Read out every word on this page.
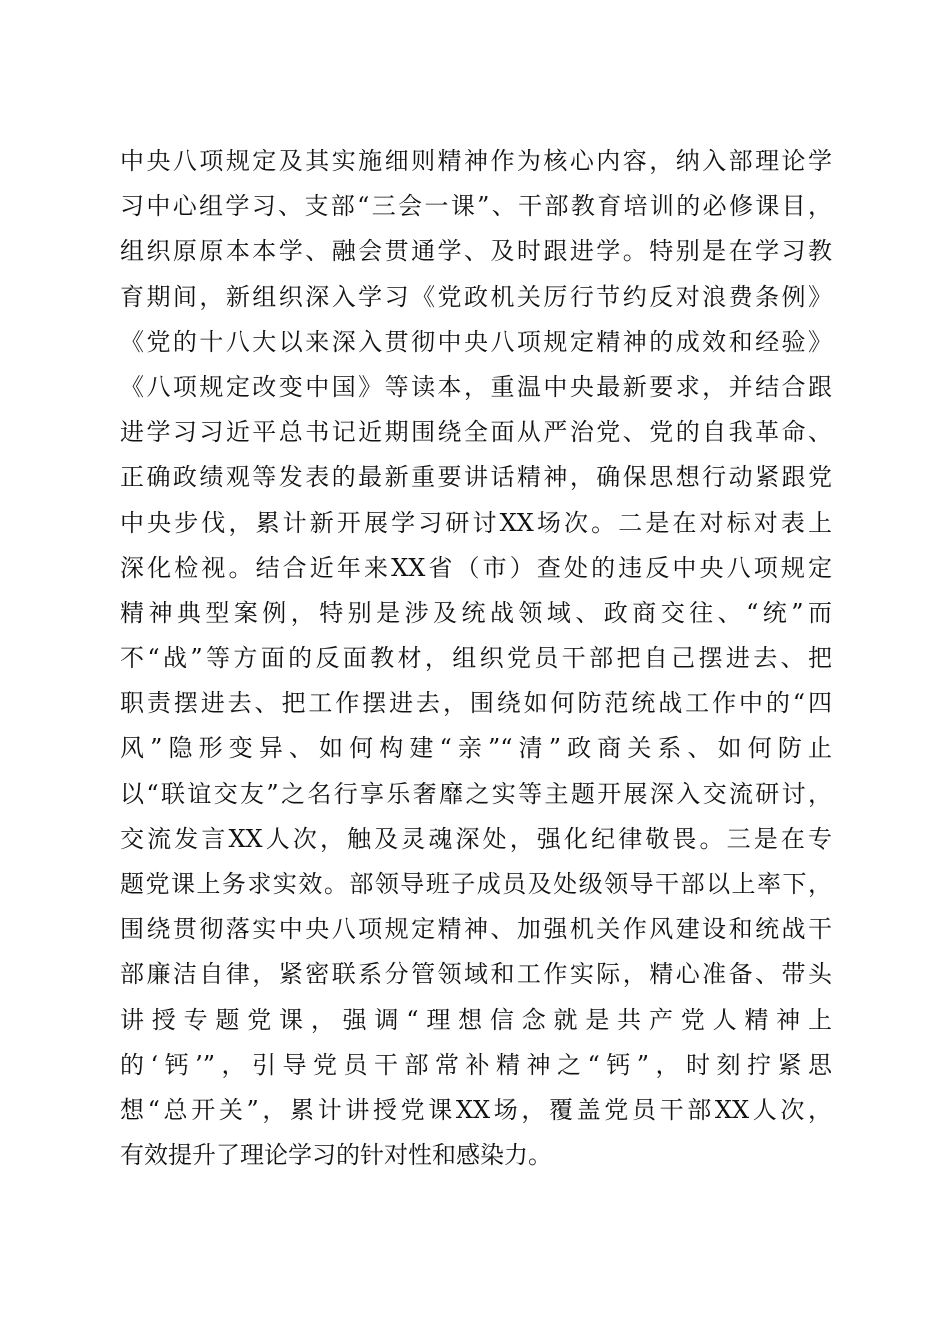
中央八项规定及其实施细则精神作为核心内容，纳入部理论学
习中心组学习、支部“三会一课”、干部教育培训的必修课目，
组织原原本本学、融会贯通学、及时跟进学。特别是在学习教
育期间，新组织深入学习《党政机关厉行节约反对浪费条例》
《党的十八大以来深入贯彻中央八项规定精神的成效和经验》
《八项规定改变中国》等读本，重温中央最新要求，并结合跟
进学习习近平总书记近期围绕全面从严治党、党的自我革命、
正确政绩观等发表的最新重要讲话精神，确保思想行动紧跟党
中央步伐，累计新开展学习研讨XX场次。二是在对标对表上
深化检视。结合近年来XX省（市）查处的违反中央八项规定
精神典型案例，特别是涉及统战领域、政商交往、“统”而
不“战”等方面的反面教材，组织党员干部把自己摆进去、把
职责摆进去、把工作摆进去，围绕如何防范统战工作中的“四
风”隐形变异、如何构建“亲”“清”政商关系、如何防止
以“联谊交友”之名行享乐奢靡之实等主题开展深入交流研讨，
交流发言XX人次，触及灵魂深处，强化纪律敬畏。三是在专
题党课上务求实效。部领导班子成员及处级领导干部以上率下，
围绕贯彻落实中央八项规定精神、加强机关作风建设和统战干
部廉洁自律，紧密联系分管领域和工作实际，精心准备、带头
讲授专题党课，强调“理想信念就是共产党人精神上
的‘钙’”，引导党员干部常补精神之“钙”，时刻拧紧思
想“总开关”，累计讲授党课XX场，覆盖党员干部XX人次，
有效提升了理论学习的针对性和感染力。
